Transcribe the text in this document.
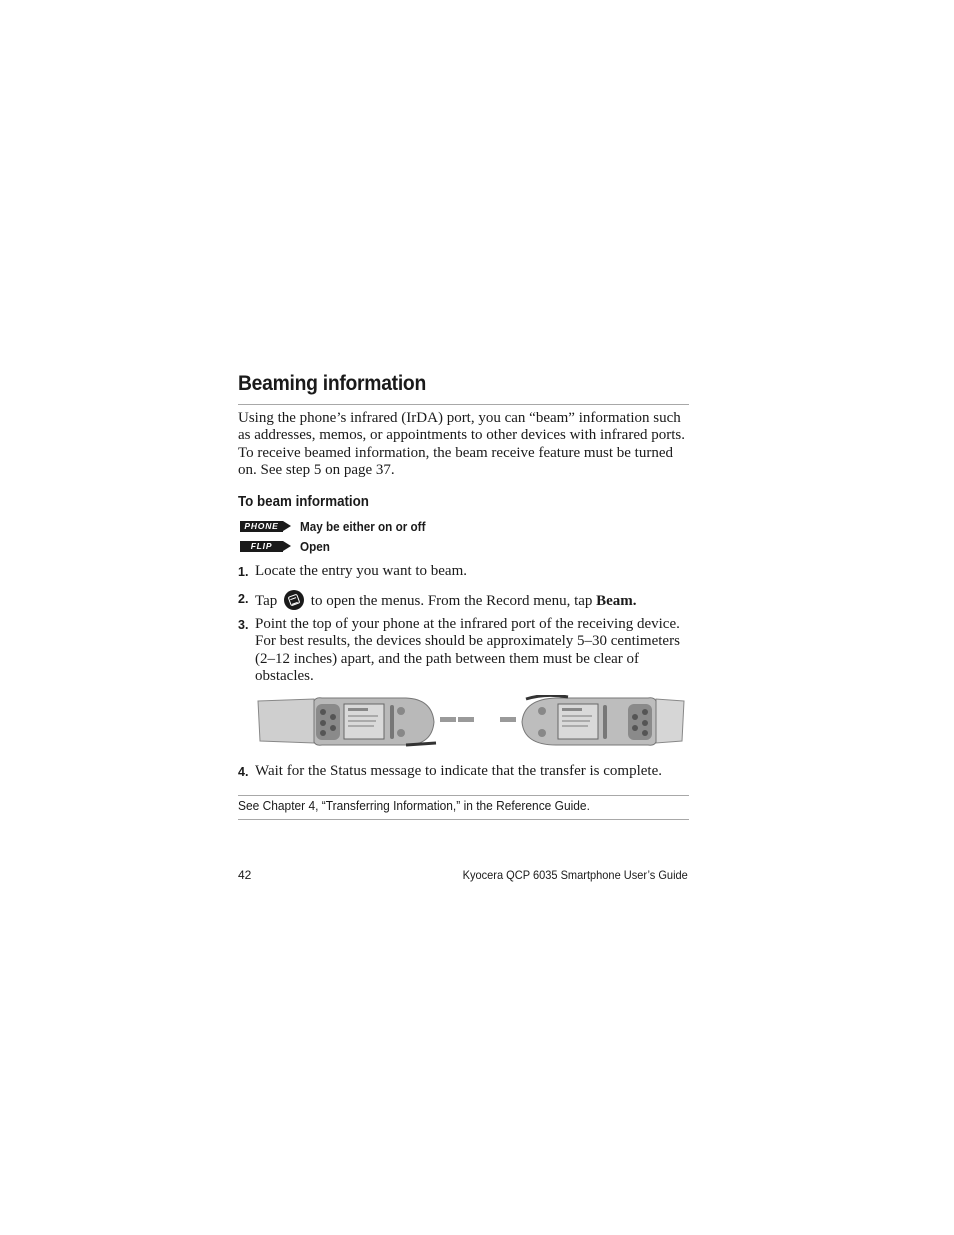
Beaming information

Using the phone’s infrared (IrDA) port, you can “beam” information such as addresses, memos, or appointments to other devices with infrared ports. To receive beamed information, the beam receive feature must be turned on. See step 5 on page 37.

To beam information
PHONE	May be either on or off
FLIP	Open
1. Locate the entry you want to beam.
2. Tap to open the menus. From the Record menu, tap Beam.
3. Point the top of your phone at the infrared port of the receiving device. For best results, the devices should be approximately 5–30 centimeters (2–12 inches) apart, and the path between them must be clear of obstacles.
4. Wait for the Status message to indicate that the transfer is complete.
See Chapter 4, “Transferring Information,” in the Reference Guide.
42	Kyocera QCP 6035 Smartphone User’s Guide
